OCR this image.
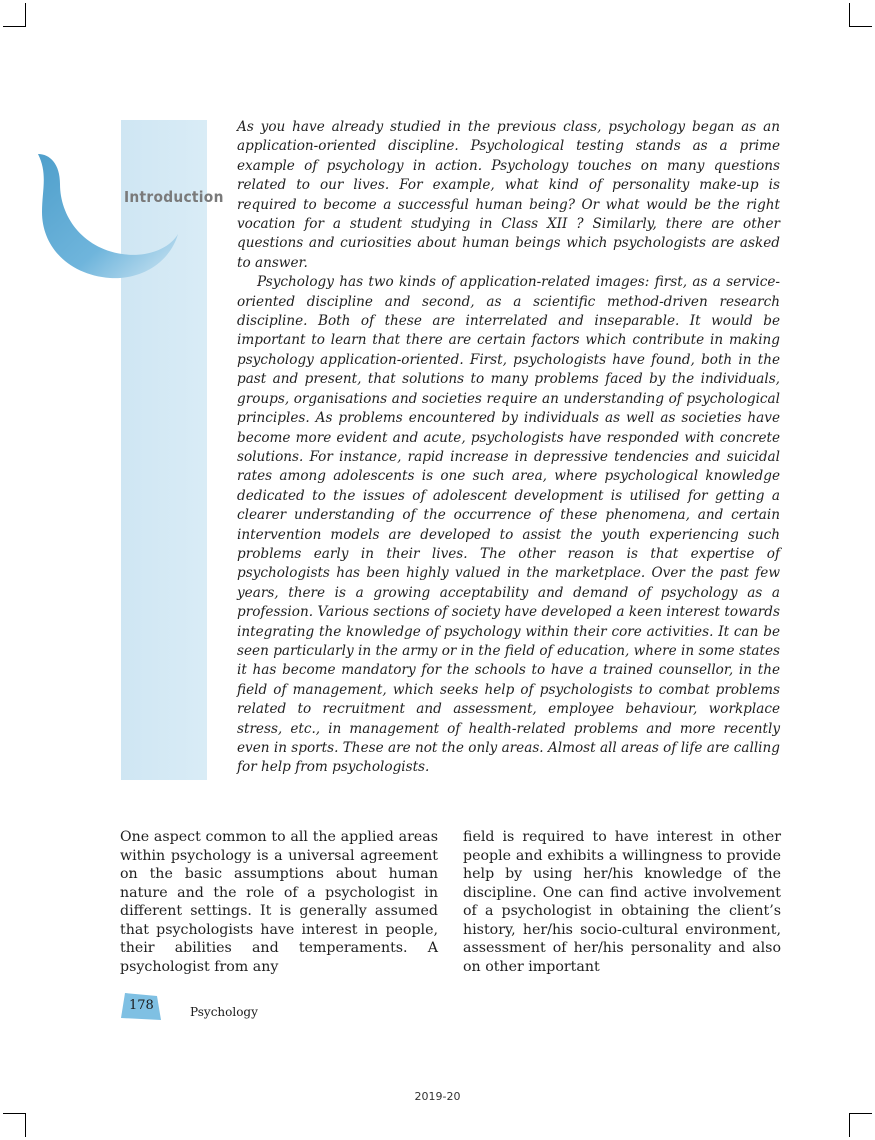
Introduction

As you have already studied in the previous class, psychology began as an application-oriented discipline. Psychological testing stands as a prime example of psychology in action. Psychology touches on many questions related to our lives. For example, what kind of personality make-up is required to become a successful human being? Or what would be the right vocation for a student studying in Class XII ? Similarly, there are other questions and curiosities about human beings which psychologists are asked to answer.

Psychology has two kinds of application-related images: first, as a service-oriented discipline and second, as a scientific method-driven research discipline. Both of these are interrelated and inseparable. It would be important to learn that there are certain factors which contribute in making psychology application-oriented. First, psychologists have found, both in the past and present, that solutions to many problems faced by the individuals, groups, organisations and societies require an understanding of psychological principles. As problems encountered by individuals as well as societies have become more evident and acute, psychologists have responded with concrete solutions. For instance, rapid increase in depressive tendencies and suicidal rates among adolescents is one such area, where psychological knowledge dedicated to the issues of adolescent development is utilised for getting a clearer understanding of the occurrence of these phenomena, and certain intervention models are developed to assist the youth experiencing such problems early in their lives. The other reason is that expertise of psychologists has been highly valued in the marketplace. Over the past few years, there is a growing acceptability and demand of psychology as a profession. Various sections of society have developed a keen interest towards integrating the knowledge of psychology within their core activities. It can be seen particularly in the army or in the field of education, where in some states it has become mandatory for the schools to have a trained counsellor, in the field of management, which seeks help of psychologists to combat problems related to recruitment and assessment, employee behaviour, workplace stress, etc., in management of health-related problems and more recently even in sports. These are not the only areas. Almost all areas of life are calling for help from psychologists.

One aspect common to all the applied areas within psychology is a universal agreement on the basic assumptions about human nature and the role of a psychologist in different settings. It is generally assumed that psychologists have interest in people, their abilities and temperaments. A psychologist from any

field is required to have interest in other people and exhibits a willingness to provide help by using her/his knowledge of the discipline. One can find active involvement of a psychologist in obtaining the client’s history, her/his socio-cultural environment, assessment of her/his personality and also on other important

178	Psychology
2019-20
